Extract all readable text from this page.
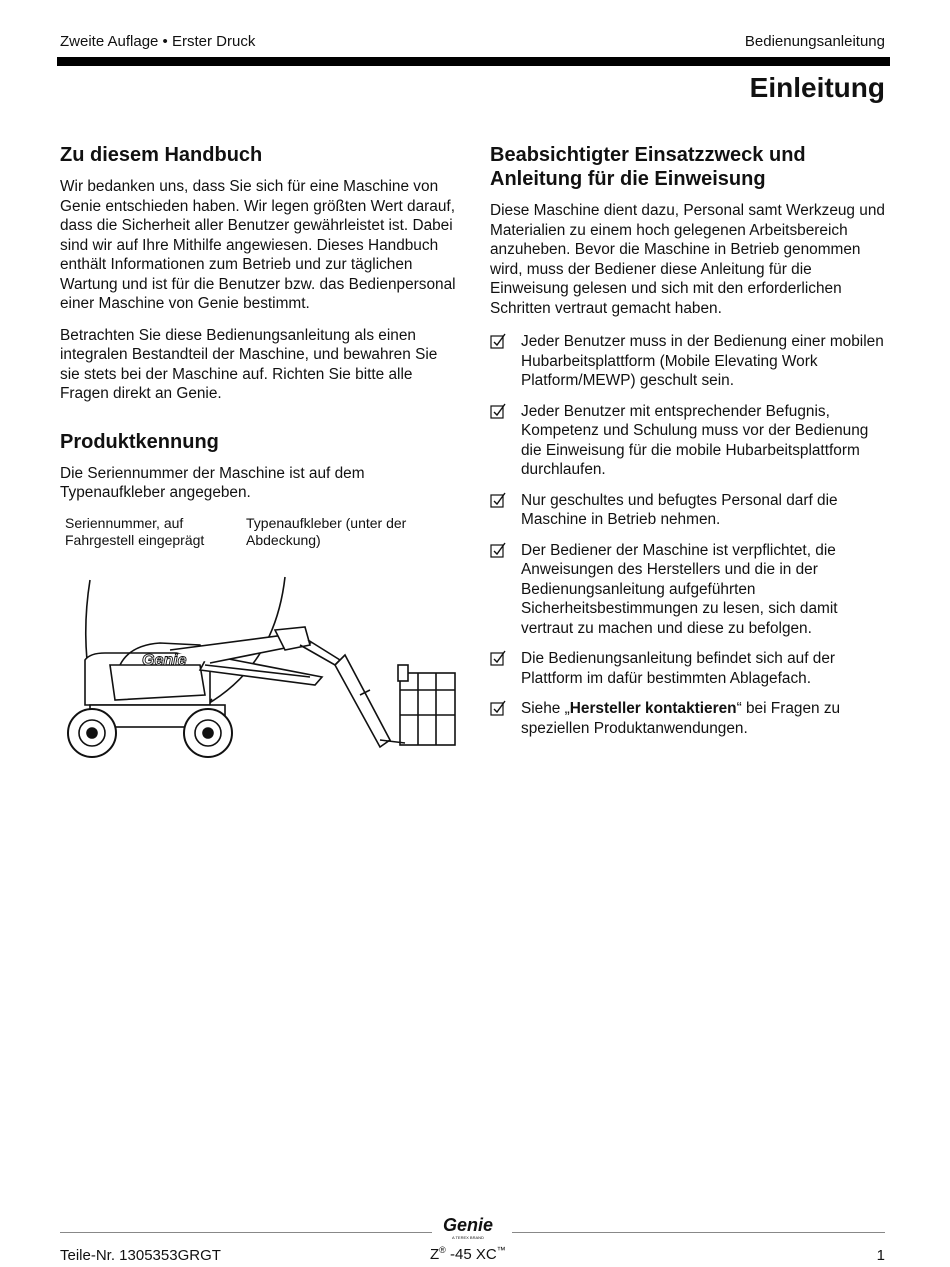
Zweite Auflage • Erster Druck	Bedienungsanleitung
Einleitung
Zu diesem Handbuch

Wir bedanken uns, dass Sie sich für eine Maschine von Genie entschieden haben. Wir legen größten Wert darauf, dass die Sicherheit aller Benutzer gewährleistet ist. Dabei sind wir auf Ihre Mithilfe angewiesen. Dieses Handbuch enthält Informationen zum Betrieb und zur täglichen Wartung und ist für die Benutzer bzw. das Bedienpersonal einer Maschine von Genie bestimmt.

Betrachten Sie diese Bedienungsanleitung als einen integralen Bestandteil der Maschine, und bewahren Sie sie stets bei der Maschine auf. Richten Sie bitte alle Fragen direkt an Genie.

Produktkennung

Die Seriennummer der Maschine ist auf dem Typenaufkleber angegeben.

Seriennummer, auf Fahrgestell eingeprägt
Typenaufkleber (unter der Abdeckung)
Genie
Beabsichtigter Einsatzzweck und Anleitung für die Einweisung

Diese Maschine dient dazu, Personal samt Werkzeug und Materialien zu einem hoch gelegenen Arbeitsbereich anzuheben. Bevor die Maschine in Betrieb genommen wird, muss der Bediener diese Anleitung für die Einweisung gelesen und sich mit den erforderlichen Schritten vertraut gemacht haben.

Jeder Benutzer muss in der Bedienung einer mobilen Hubarbeitsplattform (Mobile Elevating Work Platform/MEWP) geschult sein.
Jeder Benutzer mit entsprechender Befugnis, Kompetenz und Schulung muss vor der Bedienung die Einweisung für die mobile Hubarbeitsplattform durchlaufen.
Nur geschultes und befugtes Personal darf die Maschine in Betrieb nehmen.
Der Bediener der Maschine ist verpflichtet, die Anweisungen des Herstellers und die in der Bedienungsanleitung aufgeführten Sicherheitsbestimmungen zu lesen, sich damit vertraut zu machen und diese zu befolgen.
Die Bedienungsanleitung befindet sich auf der Plattform im dafür bestimmten Ablagefach.
Siehe „Hersteller kontaktieren“ bei Fragen zu speziellen Produktanwendungen.
Genie
A TEREX BRAND
Teile-Nr. 1305353GRGT	Z® -45 XC™	1
